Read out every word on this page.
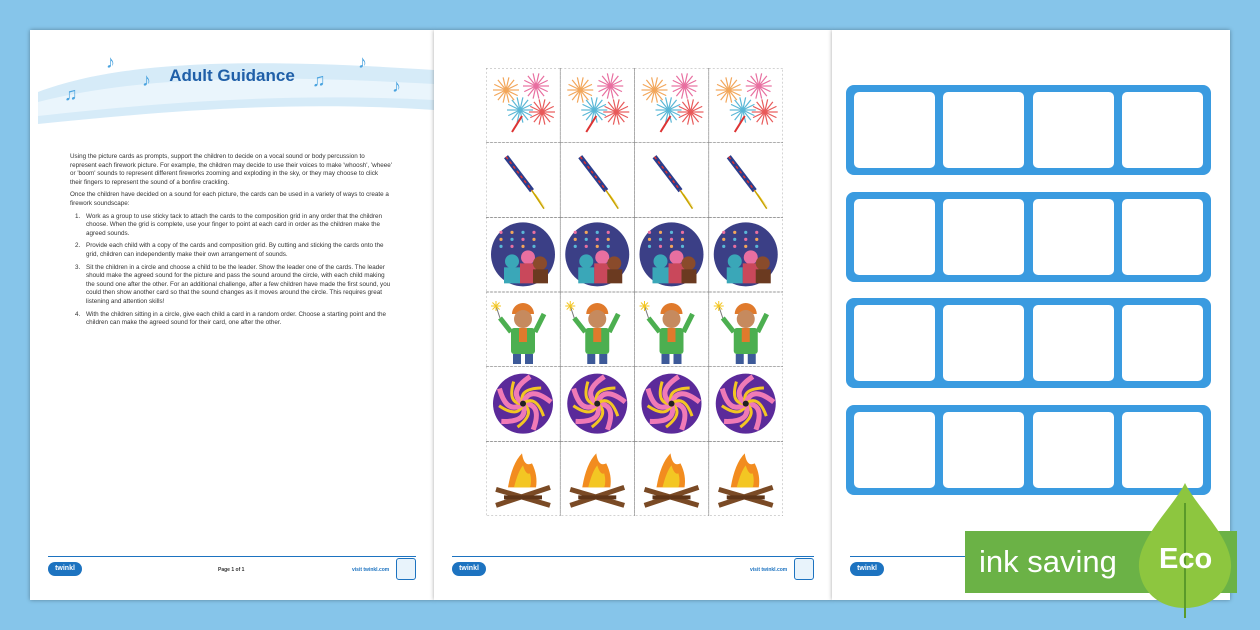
♫
♪
♪	♫
♪
♪
Adult Guidance

Using the picture cards as prompts, support the children to decide on a vocal sound or body percussion to represent each firework picture. For example, the children may decide to use their voices to make 'whoosh', 'wheee' or 'boom' sounds to represent different fireworks zooming and exploding in the sky, or they may choose to click their fingers to represent the sound of a bonfire crackling.

Once the children have decided on a sound for each picture, the cards can be used in a variety of ways to create a firework soundscape:

1. Work as a group to use sticky tack to attach the cards to the composition grid in any order that the children choose. When the grid is complete, use your finger to point at each card in order as the children make the agreed sounds.
2. Provide each child with a copy of the cards and composition grid. By cutting and sticking the cards onto the grid, children can independently make their own arrangement of sounds.
3. Sit the children in a circle and choose a child to be the leader. Show the leader one of the cards. The leader should make the agreed sound for the picture and pass the sound around the circle, with each child making the sound one after the other. For an additional challenge, after a few children have made the first sound, you could then show another card so that the sound changes as it moves around the circle. This requires great listening and attention skills!
4. With the children sitting in a circle, give each child a card in a random order. Choose a starting point and the children can make the agreed sound for their card, one after the other.
twinkl	Page 1 of 1	visit twinkl.com	twinkl	visit twinkl.com	twinkl	ink saving Eco
